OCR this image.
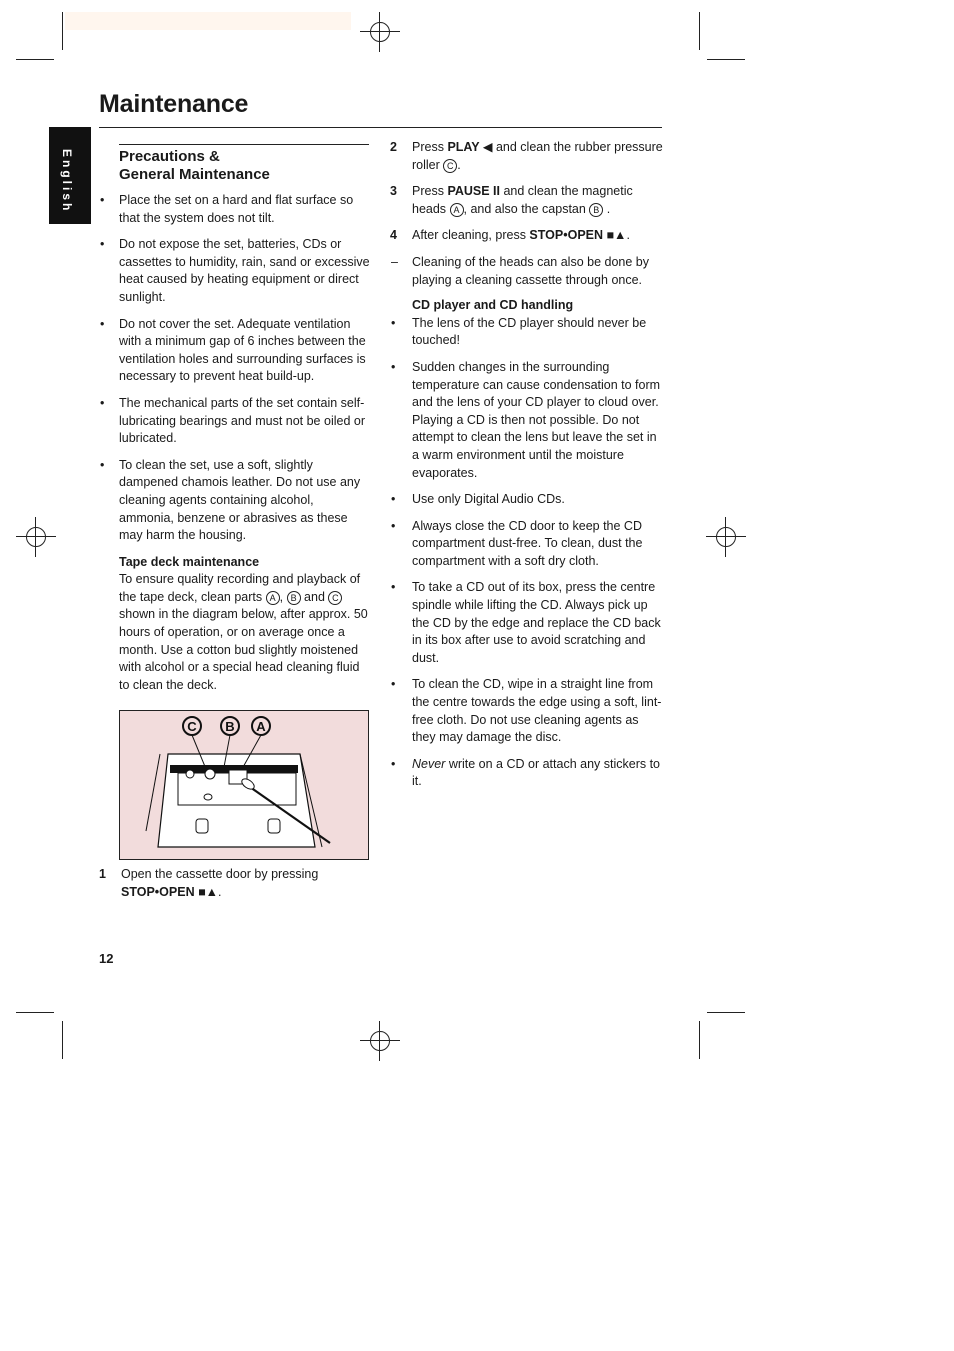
Maintenance
English	Precautions &
General Maintenance
• Place the set on a hard and flat surface so that the system does not tilt.
• Do not expose the set, batteries, CDs or cassettes to humidity, rain, sand or excessive heat caused by heating equipment or direct sunlight.
• Do not cover the set. Adequate ventilation with a minimum gap of 6 inches between the ventilation holes and surrounding surfaces is necessary to prevent heat build-up.
• The mechanical parts of the set contain self-lubricating bearings and must not be oiled or lubricated.
• To clean the set, use a soft, slightly dampened chamois leather. Do not use any cleaning agents containing alcohol, ammonia, benzene or abrasives as these may harm the housing.
Tape deck maintenance

To ensure quality recording and playback of the tape deck, clean parts A , B and C shown in the diagram below, after approx. 50 hours of operation, or on average once a month. Use a cotton bud slightly moistened with alcohol or a special head cleaning fluid to clean the deck.

C B A
1 Open the cassette door by pressing
STOP•OPEN ■▲.
2 Press PLAY ◀ and clean the rubber pressure roller C .
3 Press PAUSE II and clean the magnetic heads A , and also the capstan B .
4 After cleaning, press STOP•OPEN ■▲.
– Cleaning of the heads can also be done by playing a cleaning cassette through once.
CD player and CD handling
• The lens of the CD player should never be touched!
• Sudden changes in the surrounding temperature can cause condensation to form and the lens of your CD player to cloud over. Playing a CD is then not possible. Do not attempt to clean the lens but leave the set in a warm environment until the moisture evaporates.
• Use only Digital Audio CDs.
• Always close the CD door to keep the CD compartment dust-free. To clean, dust the compartment with a soft dry cloth.
• To take a CD out of its box, press the centre spindle while lifting the CD. Always pick up the CD by the edge and replace the CD back in its box after use to avoid scratching and dust.
• To clean the CD, wipe in a straight line from the centre towards the edge using a soft, lint-free cloth. Do not use cleaning agents as they may damage the disc.
• Never write on a CD or attach any stickers to it.
12
